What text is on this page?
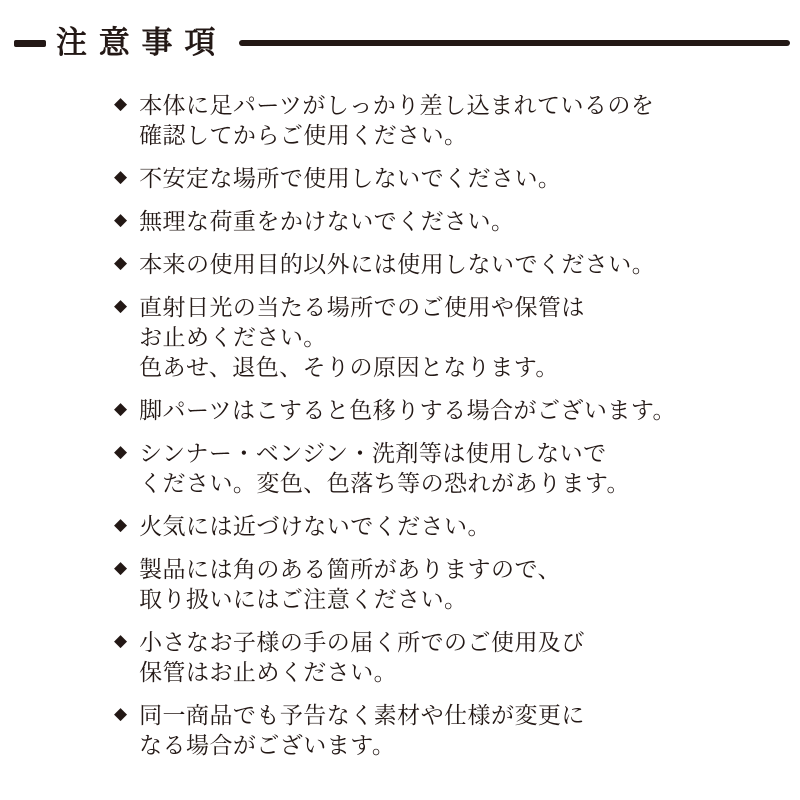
注意事項
◆ 本体に足パーツがしっかり差し込まれているのを
確認してからご使用ください。
◆ 不安定な場所で使用しないでください。
◆ 無理な荷重をかけないでください。
◆ 本来の使用目的以外には使用しないでください。
◆ 直射日光の当たる場所でのご使用や保管は
お止めください。
色あせ、退色、そりの原因となります。
◆ 脚パーツはこすると色移りする場合がございます。
◆ シンナー・ベンジン・洗剤等は使用しないで
ください。変色、色落ち等の恐れがあります。
◆ 火気には近づけないでください。
◆ 製品には角のある箇所がありますので、
取り扱いにはご注意ください。
◆ 小さなお子様の手の届く所でのご使用及び
保管はお止めください。
◆ 同一商品でも予告なく素材や仕様が変更に
なる場合がございます。
